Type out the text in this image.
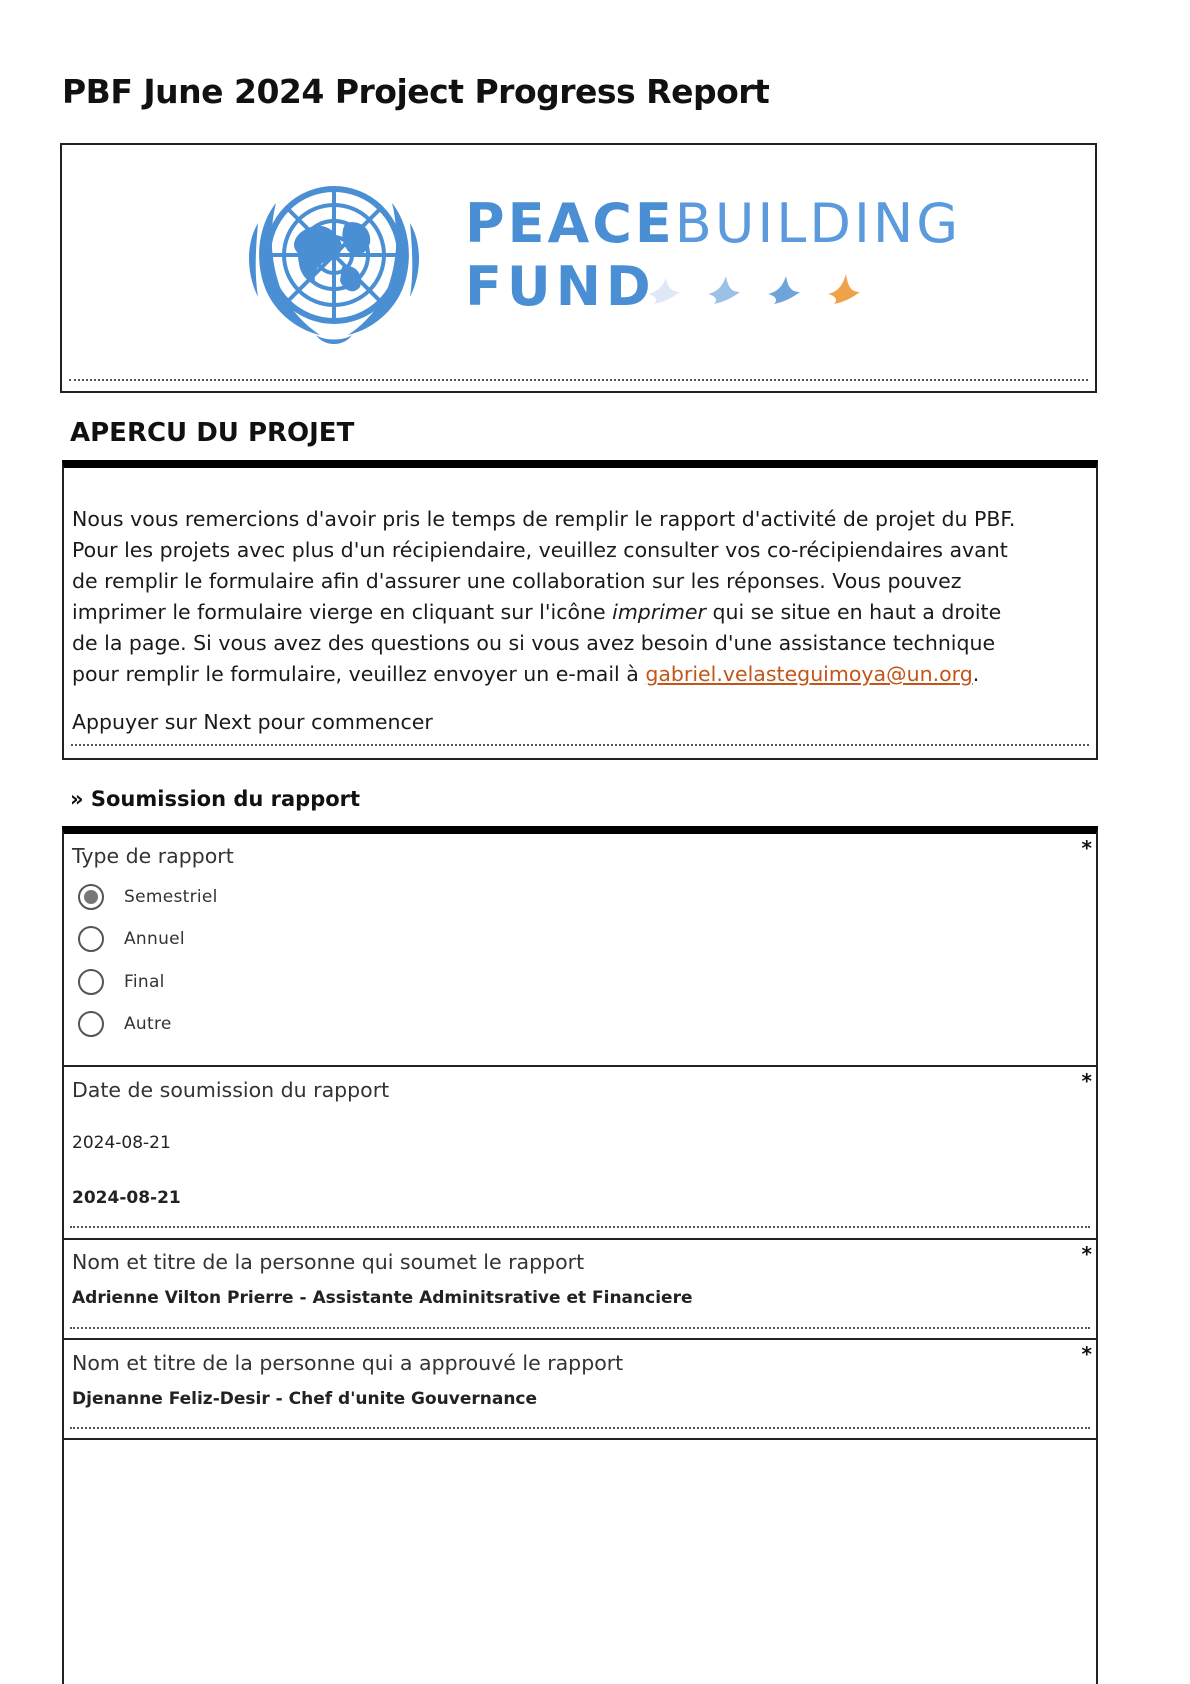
PBF June 2024 Project Progress Report
PEACEBUILDING
FUND
APERCU DU PROJET
Nous vous remercions d'avoir pris le temps de remplir le rapport d'activité de projet du PBF. Pour les projets avec plus d'un récipiendaire, veuillez consulter vos co-récipiendaires avant de remplir le formulaire afin d'assurer une collaboration sur les réponses. Vous pouvez imprimer le formulaire vierge en cliquant sur l'icône imprimer qui se situe en haut a droite de la page. Si vous avez des questions ou si vous avez besoin d'une assistance technique pour remplir le formulaire, veuillez envoyer un e-mail à gabriel.velasteguimoya@un.org.
Appuyer sur Next pour commencer
» Soumission du rapport
Type de rapport	*
Semestriel
Annuel
Final
Autre
Date de soumission du rapport	*
2024-08-21
2024-08-21
Nom et titre de la personne qui soumet le rapport	*
Adrienne Vilton Prierre - Assistante Adminitsrative et Financiere
Nom et titre de la personne qui a approuvé le rapport	*
Djenanne Feliz-Desir - Chef d'unite Gouvernance
